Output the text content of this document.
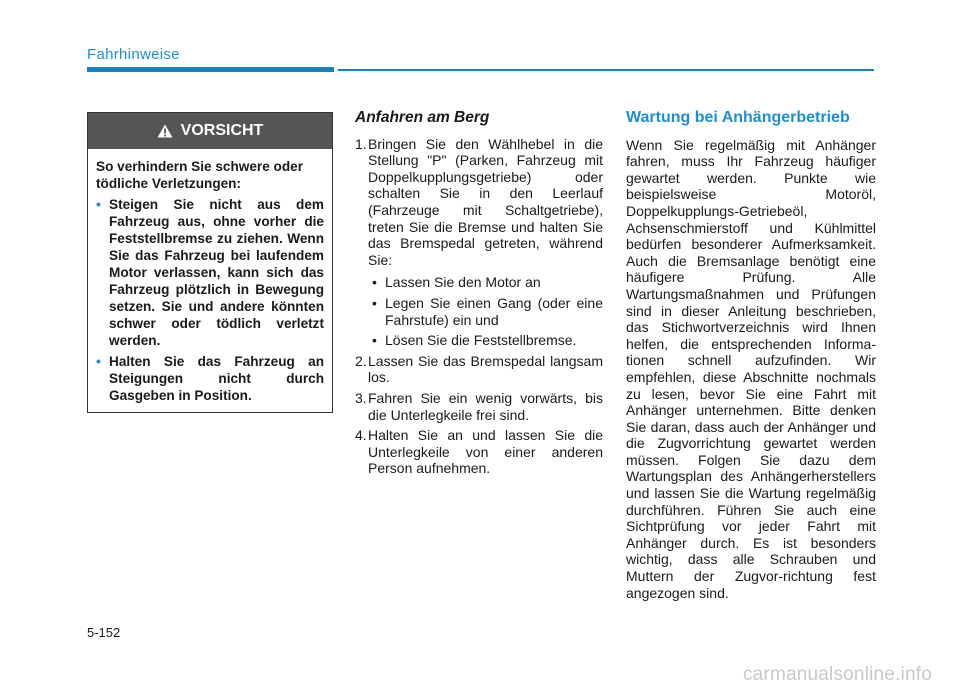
Fahrhinweise
VORSICHT

So verhindern Sie schwere oder tödliche Verletzungen:

• Steigen Sie nicht aus dem Fahrzeug aus, ohne vorher die Feststellbremse zu ziehen. Wenn Sie das Fahrzeug bei laufendem Motor verlassen, kann sich das Fahrzeug plötzlich in Bewegung setzen. Sie und andere könnten schwer oder tödlich verletzt werden.
• Halten Sie das Fahrzeug an Steigungen nicht durch Gasgeben in Position.

Anfahren am Berg

1. Bringen Sie den Wählhebel in die Stellung "P" (Parken, Fahrzeug mit Doppelkupplungsgetriebe) oder schalten Sie in den Leerlauf (Fahrzeuge mit Schaltgetriebe), treten Sie die Bremse und halten Sie das Bremspedal getreten, während Sie:
• Lassen Sie den Motor an
• Legen Sie einen Gang (oder eine Fahrstufe) ein und
• Lösen Sie die Feststellbremse.
2. Lassen Sie das Bremspedal langsam los.
3. Fahren Sie ein wenig vorwärts, bis die Unterlegkeile frei sind.
4. Halten Sie an und lassen Sie die Unterlegkeile von einer anderen Person aufnehmen.

Wartung bei Anhängerbetrieb

Wenn Sie regelmäßig mit Anhänger fahren, muss Ihr Fahrzeug häufiger gewartet werden. Punkte wie beispielsweise Motoröl, Doppelkupplungs-Getriebeöl, Achsenschmierstoff und Kühlmittel bedürfen besonderer Aufmerksamkeit. Auch die Bremsanlage benötigt eine häufigere Prüfung. Alle Wartungsmaßnahmen und Prüfungen sind in dieser Anleitung beschrieben, das Stichwortverzeichnis wird Ihnen helfen, die entsprechenden Informa-tionen schnell aufzufinden. Wir empfehlen, diese Abschnitte nochmals zu lesen, bevor Sie eine Fahrt mit Anhänger unternehmen. Bitte denken Sie daran, dass auch der Anhänger und die Zugvorrichtung gewartet werden müssen. Folgen Sie dazu dem Wartungsplan des Anhängerherstellers und lassen Sie die Wartung regelmäßig durchführen. Führen Sie auch eine Sichtprüfung vor jeder Fahrt mit Anhänger durch. Es ist besonders wichtig, dass alle Schrauben und Muttern der Zugvor-richtung fest angezogen sind.

5-152
carmanualsonline.info
